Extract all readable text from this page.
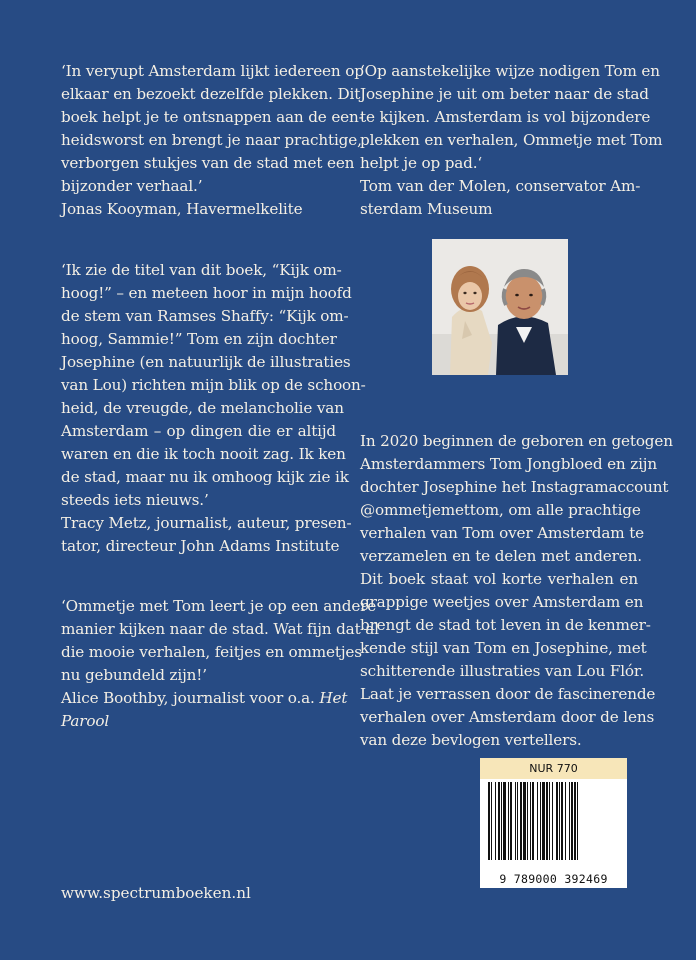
‘In veryupt Amsterdam lijkt iedereen op
elkaar en bezoekt dezelfde plekken. Dit
boek helpt je te ontsnappen aan de een-
heidsworst en brengt je naar prachtige,
verborgen stukjes van de stad met een
bijzonder verhaal.’
Jonas Kooyman, Havermelkelite
‘Ik zie de titel van dit boek, “Kijk om-
hoog!” – en meteen hoor in mijn hoofd
de stem van Ramses Shaffy: “Kijk om-
hoog, Sammie!” Tom en zijn dochter
Josephine (en natuurlijk de illustraties
van Lou) richten mijn blik op de schoon-
heid, de vreugde, de melancholie van
Amsterdam – op dingen die er altijd
waren en die ik toch nooit zag. Ik ken
de stad, maar nu ik omhoog kijk zie ik
steeds iets nieuws.’
Tracy Metz, journalist, auteur, presen-
tator, directeur John Adams Institute
‘Ommetje met Tom leert je op een andere
manier kijken naar de stad. Wat fijn dat al
die mooie verhalen, feitjes en ommetjes
nu gebundeld zijn!’
Alice Boothby, journalist voor o.a. Het
Parool
‘Op aanstekelijke wijze nodigen Tom en
Josephine je uit om beter naar de stad
te kijken. Amsterdam is vol bijzondere
plekken en verhalen, Ommetje met Tom
helpt je op pad.‘
Tom van der Molen, conservator Am-
sterdam Museum
In 2020 beginnen de geboren en getogen
Amsterdammers Tom Jongbloed en zijn
dochter Josephine het Instagramaccount
@ommetjemettom, om alle prachtige
verhalen van Tom over Amsterdam te
verzamelen en te delen met anderen.
Dit boek staat vol korte verhalen en
grappige weetjes over Amsterdam en
brengt de stad tot leven in de kenmer-
kende stijl van Tom en Josephine, met
schitterende illustraties van Lou Flór.
Laat je verrassen door de fascinerende
verhalen over Amsterdam door de lens
van deze bevlogen vertellers.
NUR 770
9 789000 392469
www.spectrumboeken.nl
